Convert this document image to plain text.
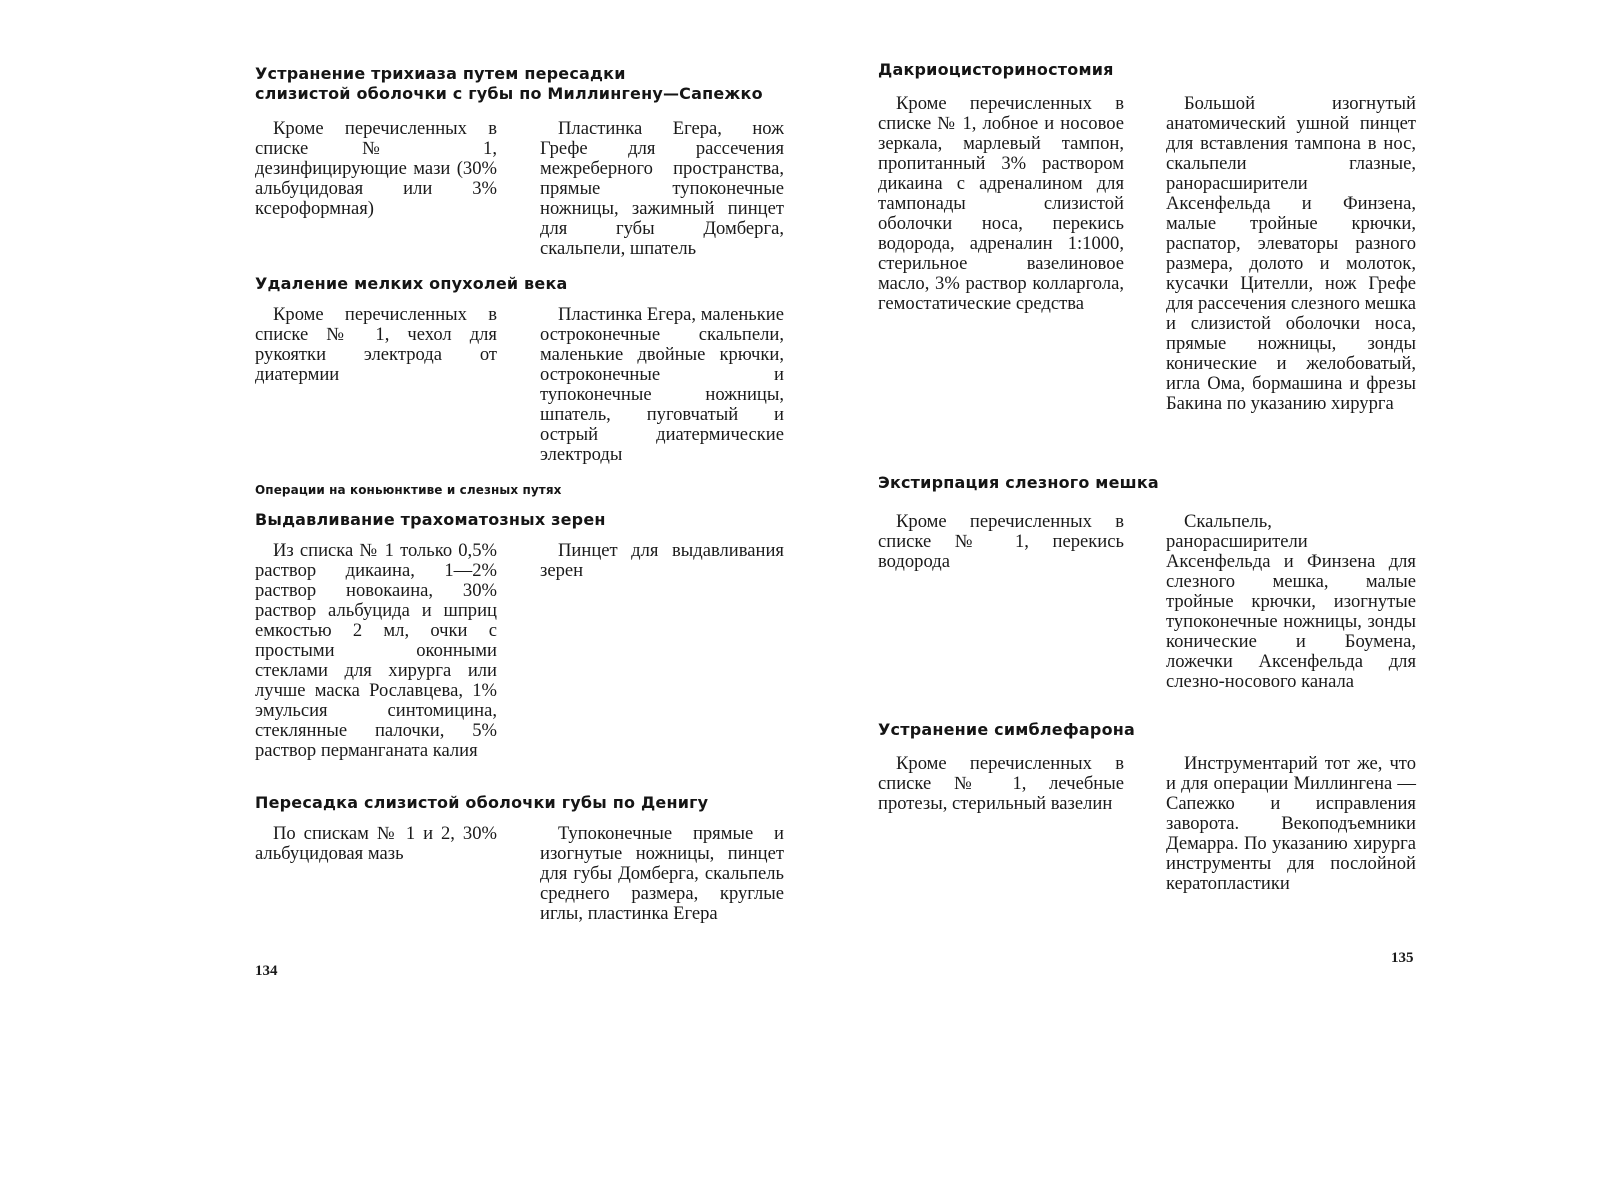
Устранение трихиаза путем пересадки
слизистой оболочки с губы по Миллингену—Сапежко
Кроме перечисленных в списке № 1, дезинфицирующие мази (30% альбуцидовая или 3% ксероформная)
Пластинка Егера, нож Грефе для рассечения межреберного пространства, прямые тупоконечные ножницы, зажимный пинцет для губы Домберга, скальпели, шпатель
Удаление мелких опухолей века
Кроме перечисленных в списке № 1, чехол для рукоятки электрода от диатермии
Пластинка Егера, маленькие остроконечные скальпели, маленькие двойные крючки, остроконечные и тупоконечные ножницы, шпатель, пуговчатый и острый диатермические электроды
Операции на коньюнктиве и слезных путях
Выдавливание трахоматозных зерен
Из списка № 1 только 0,5% раствор дикаина, 1—2% раствор новокаина, 30% раствор альбуцида и шприц емкостью 2 мл, очки с простыми оконными стеклами для хирурга или лучше маска Рославцева, 1% эмульсия синтомицина, стеклянные палочки, 5% раствор перманганата калия
Пинцет для выдавливания зерен
Пересадка слизистой оболочки губы по Денигу
По спискам № 1 и 2, 30% альбуцидовая мазь
Тупоконечные прямые и изогнутые ножницы, пинцет для губы Домберга, скальпель среднего размера, круглые иглы, пластинка Егера
134
Дакриоцисториностомия
Кроме перечисленных в списке № 1, лобное и носовое зеркала, марлевый тампон, пропитанный 3% раствором дикаина с адреналином для тампонады слизистой оболочки носа, перекись водорода, адреналин 1:1000, стерильное вазелиновое масло, 3% раствор колларгола, гемостатические средства
Большой изогнутый анатомический ушной пинцет для вставления тампона в нос, скальпели глазные, ранорасширители Аксенфельда и Финзена, малые тройные крючки, распатор, элеваторы разного размера, долото и молоток, кусачки Цителли, нож Грефе для рассечения слезного мешка и слизистой оболочки носа, прямые ножницы, зонды конические и желобоватый, игла Ома, бормашина и фрезы Бакина по указанию хирурга
Экстирпация слезного мешка
Кроме перечисленных в списке № 1, перекись водорода
Скальпель, ранорасширители Аксенфельда и Финзена для слезного мешка, малые тройные крючки, изогнутые тупоконечные ножницы, зонды конические и Боумена, ложечки Аксенфельда для слезно-носового канала
Устранение симблефарона
Кроме перечисленных в списке № 1, лечебные протезы, стерильный вазелин
Инструментарий тот же, что и для операции Миллингена — Сапежко и исправления заворота. Векоподъемники Демарра. По указанию хирурга инструменты для послойной кератопластики
135
